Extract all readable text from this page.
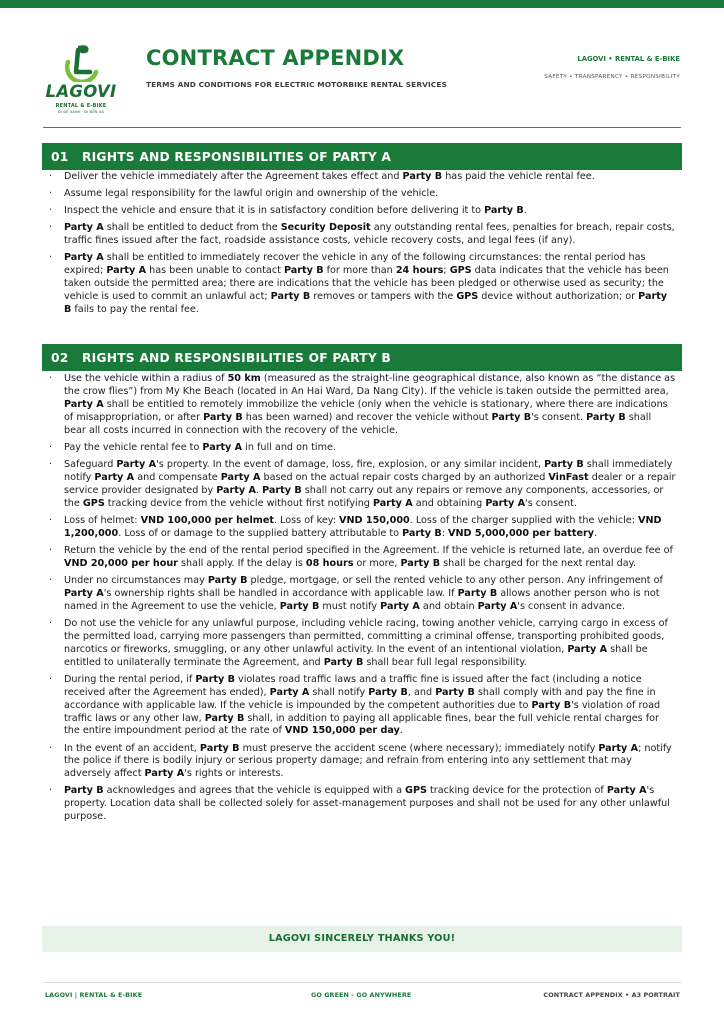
LAGOVI
RENTAL & E-BIKE
ĐI ĐỂ XANH · ĐI ĐẾN XA
CONTRACT APPENDIX
TERMS AND CONDITIONS FOR ELECTRIC MOTORBIKE RENTAL SERVICES
LAGOVI • RENTAL & E-BIKE
SAFETY • TRANSPARENCY • RESPONSIBILITY
01 RIGHTS AND RESPONSIBILITIES OF PARTY A
· Deliver the vehicle immediately after the Agreement takes effect and Party B has paid the vehicle rental fee.
· Assume legal responsibility for the lawful origin and ownership of the vehicle.
· Inspect the vehicle and ensure that it is in satisfactory condition before delivering it to Party B.
· Party A shall be entitled to deduct from the Security Deposit any outstanding rental fees, penalties for breach, repair costs, traffic fines issued after the fact, roadside assistance costs, vehicle recovery costs, and legal fees (if any).
· Party A shall be entitled to immediately recover the vehicle in any of the following circumstances: the rental period has expired; Party A has been unable to contact Party B for more than 24 hours; GPS data indicates that the vehicle has been taken outside the permitted area; there are indications that the vehicle has been pledged or otherwise used as security; the vehicle is used to commit an unlawful act; Party B removes or tampers with the GPS device without authorization; or Party B fails to pay the rental fee.
02 RIGHTS AND RESPONSIBILITIES OF PARTY B
· Use the vehicle within a radius of 50 km (measured as the straight-line geographical distance, also known as “the distance as the crow flies”) from My Khe Beach (located in An Hai Ward, Da Nang City). If the vehicle is taken outside the permitted area, Party A shall be entitled to remotely immobilize the vehicle (only when the vehicle is stationary, where there are indications of misappropriation, or after Party B has been warned) and recover the vehicle without Party B's consent. Party B shall bear all costs incurred in connection with the recovery of the vehicle.
· Pay the vehicle rental fee to Party A in full and on time.
· Safeguard Party A's property. In the event of damage, loss, fire, explosion, or any similar incident, Party B shall immediately notify Party A and compensate Party A based on the actual repair costs charged by an authorized VinFast dealer or a repair service provider designated by Party A. Party B shall not carry out any repairs or remove any components, accessories, or the GPS tracking device from the vehicle without first notifying Party A and obtaining Party A's consent.
· Loss of helmet: VND 100,000 per helmet. Loss of key: VND 150,000. Loss of the charger supplied with the vehicle: VND 1,200,000. Loss of or damage to the supplied battery attributable to Party B: VND 5,000,000 per battery.
· Return the vehicle by the end of the rental period specified in the Agreement. If the vehicle is returned late, an overdue fee of VND 20,000 per hour shall apply. If the delay is 08 hours or more, Party B shall be charged for the next rental day.
· Under no circumstances may Party B pledge, mortgage, or sell the rented vehicle to any other person. Any infringement of Party A's ownership rights shall be handled in accordance with applicable law. If Party B allows another person who is not named in the Agreement to use the vehicle, Party B must notify Party A and obtain Party A's consent in advance.
· Do not use the vehicle for any unlawful purpose, including vehicle racing, towing another vehicle, carrying cargo in excess of the permitted load, carrying more passengers than permitted, committing a criminal offense, transporting prohibited goods, narcotics or fireworks, smuggling, or any other unlawful activity. In the event of an intentional violation, Party A shall be entitled to unilaterally terminate the Agreement, and Party B shall bear full legal responsibility.
· During the rental period, if Party B violates road traffic laws and a traffic fine is issued after the fact (including a notice received after the Agreement has ended), Party A shall notify Party B, and Party B shall comply with and pay the fine in accordance with applicable law. If the vehicle is impounded by the competent authorities due to Party B's violation of road traffic laws or any other law, Party B shall, in addition to paying all applicable fines, bear the full vehicle rental charges for the entire impoundment period at the rate of VND 150,000 per day.
· In the event of an accident, Party B must preserve the accident scene (where necessary); immediately notify Party A; notify the police if there is bodily injury or serious property damage; and refrain from entering into any settlement that may adversely affect Party A's rights or interests.
· Party B acknowledges and agrees that the vehicle is equipped with a GPS tracking device for the protection of Party A's property. Location data shall be collected solely for asset-management purposes and shall not be used for any other unlawful purpose.
LAGOVI SINCERELY THANKS YOU!
LAGOVI | RENTAL & E-BIKE	GO GREEN - GO ANYWHERE	CONTRACT APPENDIX • A3 PORTRAIT
